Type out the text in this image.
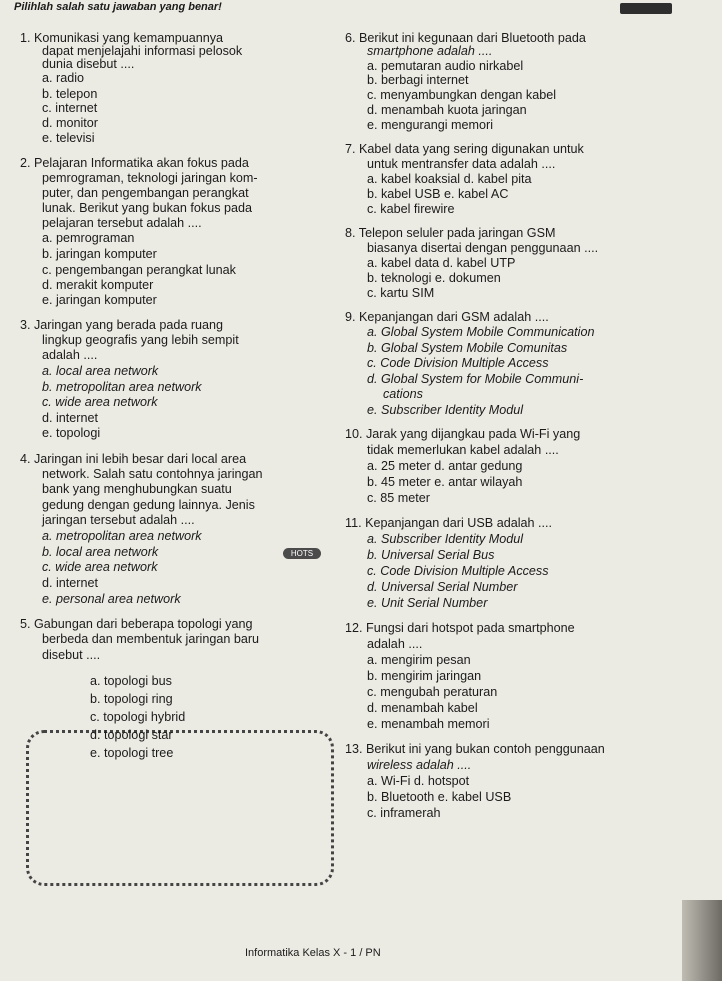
Pilihlah salah satu jawaban yang benar!
1. Komunikasi yang kemampuannya
dapat menjelajahi informasi pelosok
dunia disebut ....
a. radio
b. telepon
c. internet
d. monitor
e. televisi
2. Pelajaran Informatika akan fokus pada
pemrograman, teknologi jaringan kom-
puter, dan pengembangan perangkat
lunak. Berikut yang bukan fokus pada
pelajaran tersebut adalah ....
a. pemrograman
b. jaringan komputer
c. pengembangan perangkat lunak
d. merakit komputer
e. jaringan komputer
3. Jaringan yang berada pada ruang
lingkup geografis yang lebih sempit
adalah ....
a. local area network
b. metropolitan area network
c. wide area network
d. internet
e. topologi
4. Jaringan ini lebih besar dari local area
network. Salah satu contohnya jaringan
bank yang menghubungkan suatu
gedung dengan gedung lainnya. Jenis
jaringan tersebut adalah ....
a. metropolitan area network
b. local area network
c. wide area network
d. internet
e. personal area network
5. Gabungan dari beberapa topologi yang
berbeda dan membentuk jaringan baru
disebut ....
a. topologi bus
b. topologi ring
c. topologi hybrid
d. topologi star
e. topologi tree
6. Berikut ini kegunaan dari Bluetooth pada
smartphone adalah ....
a. pemutaran audio nirkabel
b. berbagi internet
c. menyambungkan dengan kabel
d. menambah kuota jaringan
e. mengurangi memori
7. Kabel data yang sering digunakan untuk
untuk mentransfer data adalah ....
a. kabel koaksial d. kabel pita
b. kabel USB e. kabel AC
c. kabel firewire
8. Telepon seluler pada jaringan GSM
biasanya disertai dengan penggunaan ....
a. kabel data d. kabel UTP
b. teknologi e. dokumen
c. kartu SIM
9. Kepanjangan dari GSM adalah ....
a. Global System Mobile Communication
b. Global System Mobile Comunitas
c. Code Division Multiple Access
d. Global System for Mobile Communi-
cations
e. Subscriber Identity Modul
10. Jarak yang dijangkau pada Wi-Fi yang
tidak memerlukan kabel adalah ....
a. 25 meter d. antar gedung
b. 45 meter e. antar wilayah
c. 85 meter
11. Kepanjangan dari USB adalah ....
a. Subscriber Identity Modul
b. Universal Serial Bus
c. Code Division Multiple Access
d. Universal Serial Number
e. Unit Serial Number
12. Fungsi dari hotspot pada smartphone
adalah ....
a. mengirim pesan
b. mengirim jaringan
c. mengubah peraturan
d. menambah kabel
e. menambah memori
13. Berikut ini yang bukan contoh penggunaan
wireless adalah ....
a. Wi-Fi d. hotspot
b. Bluetooth e. kabel USB
c. inframerah
HOTS
Informatika Kelas X - 1 / PN
